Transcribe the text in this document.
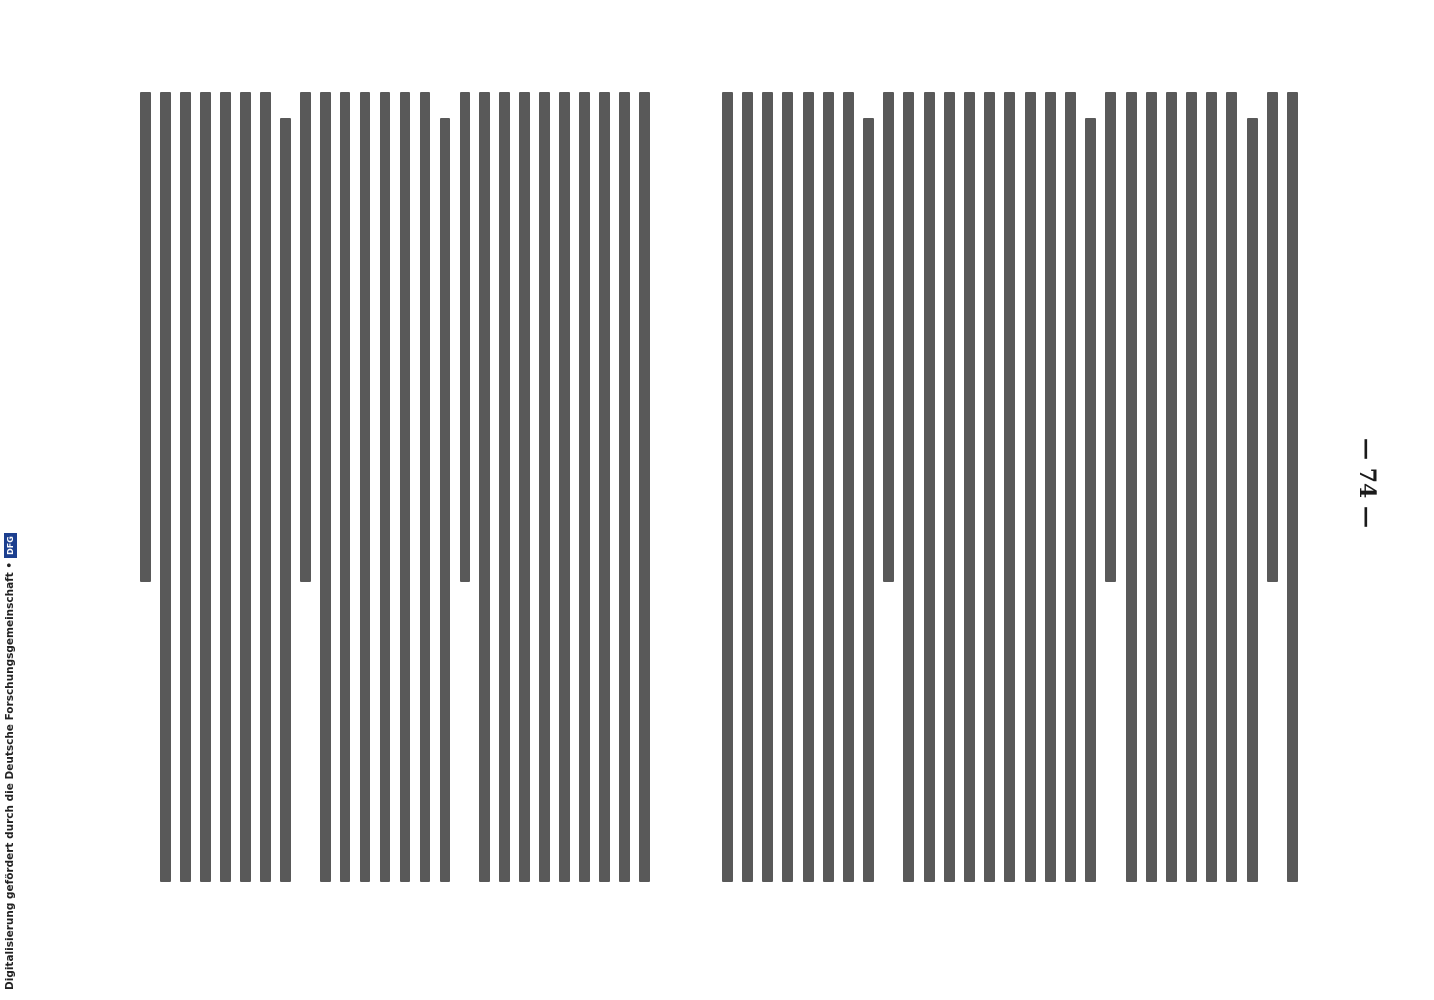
Digitalisierung gefördert durch die Deutsche Forschungsgemeinschaft •
DFG
— 74 —
